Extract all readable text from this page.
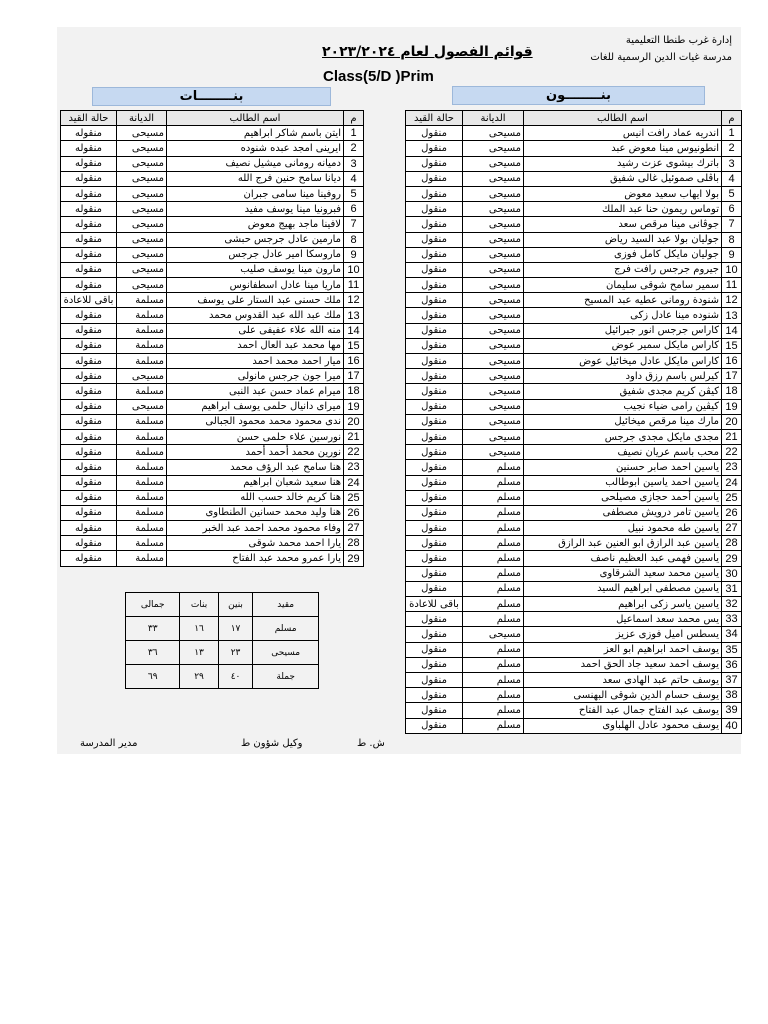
إدارة غرب طنطا التعليمية
مدرسة غيات الدين الرسمية للغات
قوائم الفصول لعام ٢٠٢٣/٢٠٢٤
Class(5/D )Prim
بنــــــــات	بنــــــــون
م	اسم الطالب	الديانة	حالة القيد
1	ايتن باسم شاكر ابراهيم	مسيحى	منقوله
2	ايرينى امجد عبده شنوده	مسيحى	منقوله
3	دميانه رومانى ميشيل نصيف	مسيحى	منقوله
4	ديانا سامح حنين فرج الله	مسيحى	منقوله
5	روفينا مينا سامى جبران	مسيحى	منقوله
6	فبرونيا مينا يوسف مفيد	مسيحى	منقوله
7	لافينا ماجد بهيج معوض	مسيحى	منقوله
8	مارمين عادل جرجس حبشى	مسيحى	منقوله
9	ماروسكا امير عادل جرجس	مسيحى	منقوله
10	مارون مينا يوسف صليب	مسيحى	منقوله
11	ماريا مينا عادل اسطفانوس	مسيحى	منقوله
12	ملك حسنى عبد الستار على يوسف	مسلمة	باقى للاعادة
13	ملك عبد الله عبد القدوس محمد	مسلمة	منقوله
14	منه الله علاء عفيفى على	مسلمة	منقوله
15	مها محمد عبد العال احمد	مسلمة	منقوله
16	ميار احمد محمد احمد	مسلمة	منقوله
17	ميرا جون جرجس مانولى	مسيحى	منقوله
18	ميرام عماد حسن عبد النبى	مسلمة	منقوله
19	ميراى دانيال حلمى يوسف ابراهيم	مسيحى	منقوله
20	ندى محمود محمد محمود الجبالى	مسلمة	منقوله
21	نورسين علاء حلمى حسن	مسلمة	منقوله
22	نورين محمد أحمد أحمد	مسلمة	منقوله
23	هنا سامح عبد الرؤف محمد	مسلمة	منقوله
24	هنا سعيد شعبان ابراهيم	مسلمة	منقوله
25	هنا كريم خالد حسب الله	مسلمة	منقوله
26	هنا وليد محمد حسانين الطنطاوى	مسلمة	منقوله
27	وفاء محمود محمد احمد عبد الخبر	مسلمة	منقوله
28	يارا احمد محمد شوقى	مسلمة	منقوله
29	يارا عمرو محمد عبد الفتاح	مسلمة	منقوله
م	اسم الطالب	الديانة	حالة القيد
1	اندريه عماد رافت انيس	مسيحى	منقول
2	انطونيوس مينا معوض عبد	مسيحى	منقول
3	باترك بيشوى عزت رشيد	مسيحى	منقول
4	باڤلى صموئيل غالى شفيق	مسيحى	منقول
5	بولا ايهاب سعيد معوض	مسيحى	منقول
6	توماس ريمون حنا عبد الملك	مسيحى	منقول
7	جوڤانى مينا مرقص سعد	مسيحى	منقول
8	جوليان بولا عبد السيد رياض	مسيحى	منقول
9	جوليان مايكل كامل فوزى	مسيحى	منقول
10	جيروم جرجس رافت فرج	مسيحى	منقول
11	سمير سامح شوقى سليمان	مسيحى	منقول
12	شنودة رومانى عطيه عبد المسيح	مسيحى	منقول
13	شنوده مينا عادل زكى	مسيحى	منقول
14	كاراس جرجس انور جبرائيل	مسيحى	منقول
15	كاراس مايكل سمير عوض	مسيحى	منقول
16	كاراس مايكل عادل ميخائيل عوض	مسيحى	منقول
17	كيرلس باسم رزق داود	مسيحى	منقول
18	كيڤن كريم مجدى شفيق	مسيحى	منقول
19	كيڤين رامى ضياء نجيب	مسيحى	منقول
20	مارك مينا مرقص ميخائيل	مسيحى	منقول
21	مجدى مايكل مجدى جرجس	مسيحى	منقول
22	محب باسم عريان نصيف	مسيحى	منقول
23	ياسين احمد صابر حسنين	مسلم	منقول
24	ياسين احمد ياسين ابوطالب	مسلم	منقول
25	ياسين أحمد حجازى مصيلحى	مسلم	منقول
26	ياسين تامر درويش مصطفى	مسلم	منقول
27	ياسين طه محمود نبيل	مسلم	منقول
28	ياسين عبد الرازق ابو العنين عبد الرازق	مسلم	منقول
29	ياسين فهمى عبد العظيم ناصف	مسلم	منقول
30	ياسين محمد سعيد الشرقاوى	مسلم	منقول
31	ياسين مصطفى ابراهيم السيد	مسلم	منقول
32	ياسين ياسر زكى ابراهيم	مسلم	باقى للاعادة
33	يس محمد سعد اسماعيل	مسلم	منقول
34	يسطس اميل فوزى عزيز	مسيحى	منقول
35	يوسف احمد ابراهيم ابو العز	مسلم	منقول
36	يوسف احمد سعيد جاد الحق احمد	مسلم	منقول
37	يوسف حاتم عبد الهادى سعد	مسلم	منقول
38	يوسف حسام الدين شوقى البهنسى	مسلم	منقول
39	يوسف عبد الفتاح جمال عبد الفتاح	مسلم	منقول
40	يوسف محمود عادل الهلباوى	مسلم	منقول
مقيد	بنين	بنات	جمالى
مسلم	١٧	١٦	٣٣
مسيحى	٢٣	١٣	٣٦
جملة	٤٠	٢٩	٦٩
ش. ط
وكيل شؤون ط
مدير المدرسة
